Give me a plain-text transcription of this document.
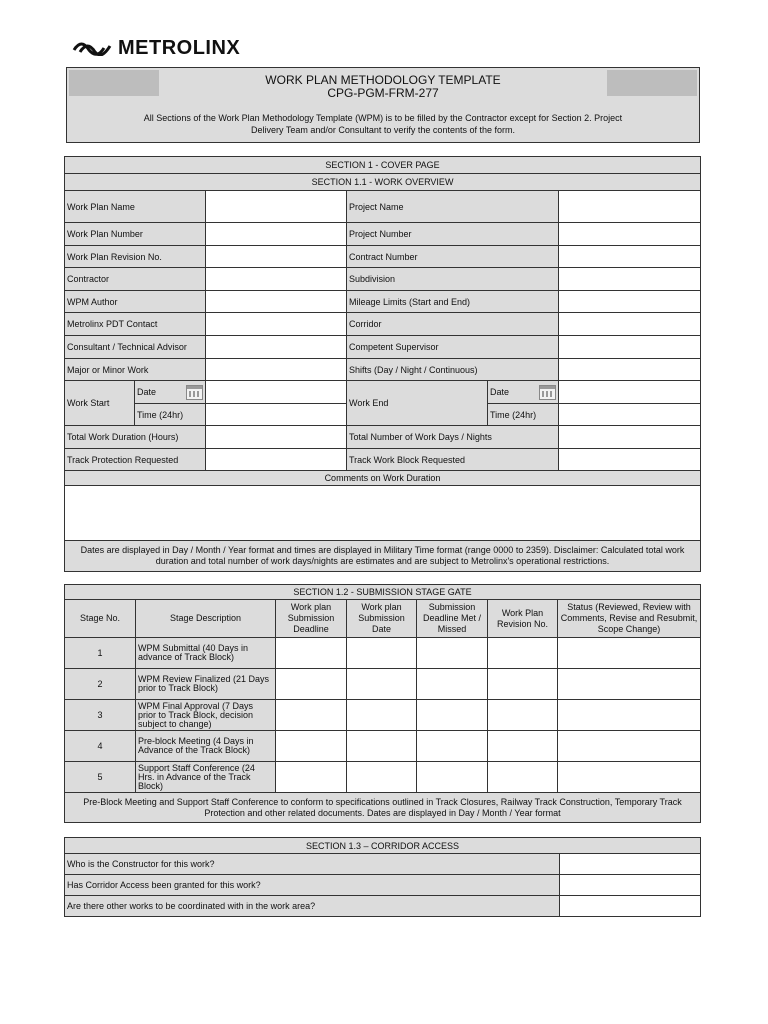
METROLINX
WORK PLAN METHODOLOGY TEMPLATE
CPG-PGM-FRM-277
All Sections of the Work Plan Methodology Template (WPM) is to be filled by the Contractor except for Section 2. Project Delivery Team and/or Consultant to verify the contents of the form.
SECTION 1 - COVER PAGE					
SECTION 1.1 - WORK OVERVIEW					
Work Plan Name			Project Name		
Work Plan Number			Project Number		
Work Plan Revision No.			Contract Number		
Contractor			Subdivision		
WPM Author			Mileage Limits (Start and End)		
Metrolinx PDT Contact			Corridor		
Consultant / Technical Advisor			Competent Supervisor		
Major or Minor Work			Shifts (Day / Night / Continuous)		
Work Start	Date		Work End	Date	

	Time (24hr)			Time (24hr)	
Total Work Duration (Hours)			Total Number of Work Days / Nights		
Track Protection Requested			Track Work Block Requested		
Comments on Work Duration					

Dates are displayed in Day / Month / Year format and times are displayed in Military Time format (range 0000 to 2359). Disclaimer: Calculated total work duration and total number of work days/nights are estimates and are subject to Metrolinx's operational restrictions.					
SECTION 1.2 - SUBMISSION STAGE GATE						
Stage No.	Stage Description	Work plan Submission Deadline	Work plan Submission Date	Submission Deadline Met / Missed	Work Plan Revision No.	Status (Reviewed, Review with Comments, Revise and Resubmit, Scope Change)
1	WPM Submittal (40 Days in advance of Track Block)					
2	WPM Review Finalized (21 Days prior to Track Block)					
3	WPM Final Approval (7 Days prior to Track Block, decision subject to change)					
4	Pre-block Meeting (4 Days in Advance of the Track Block)					
5	Support Staff Conference (24 Hrs. in Advance of the Track Block)					
Pre-Block Meeting and Support Staff Conference to conform to specifications outlined in Track Closures, Railway Track Construction, Temporary Track Protection and other related documents. Dates are displayed in Day / Month / Year format						
SECTION 1.3 – CORRIDOR ACCESS	
Who is the Constructor for this work?	
Has Corridor Access been granted for this work?	
Are there other works to be coordinated with in the work area?	
